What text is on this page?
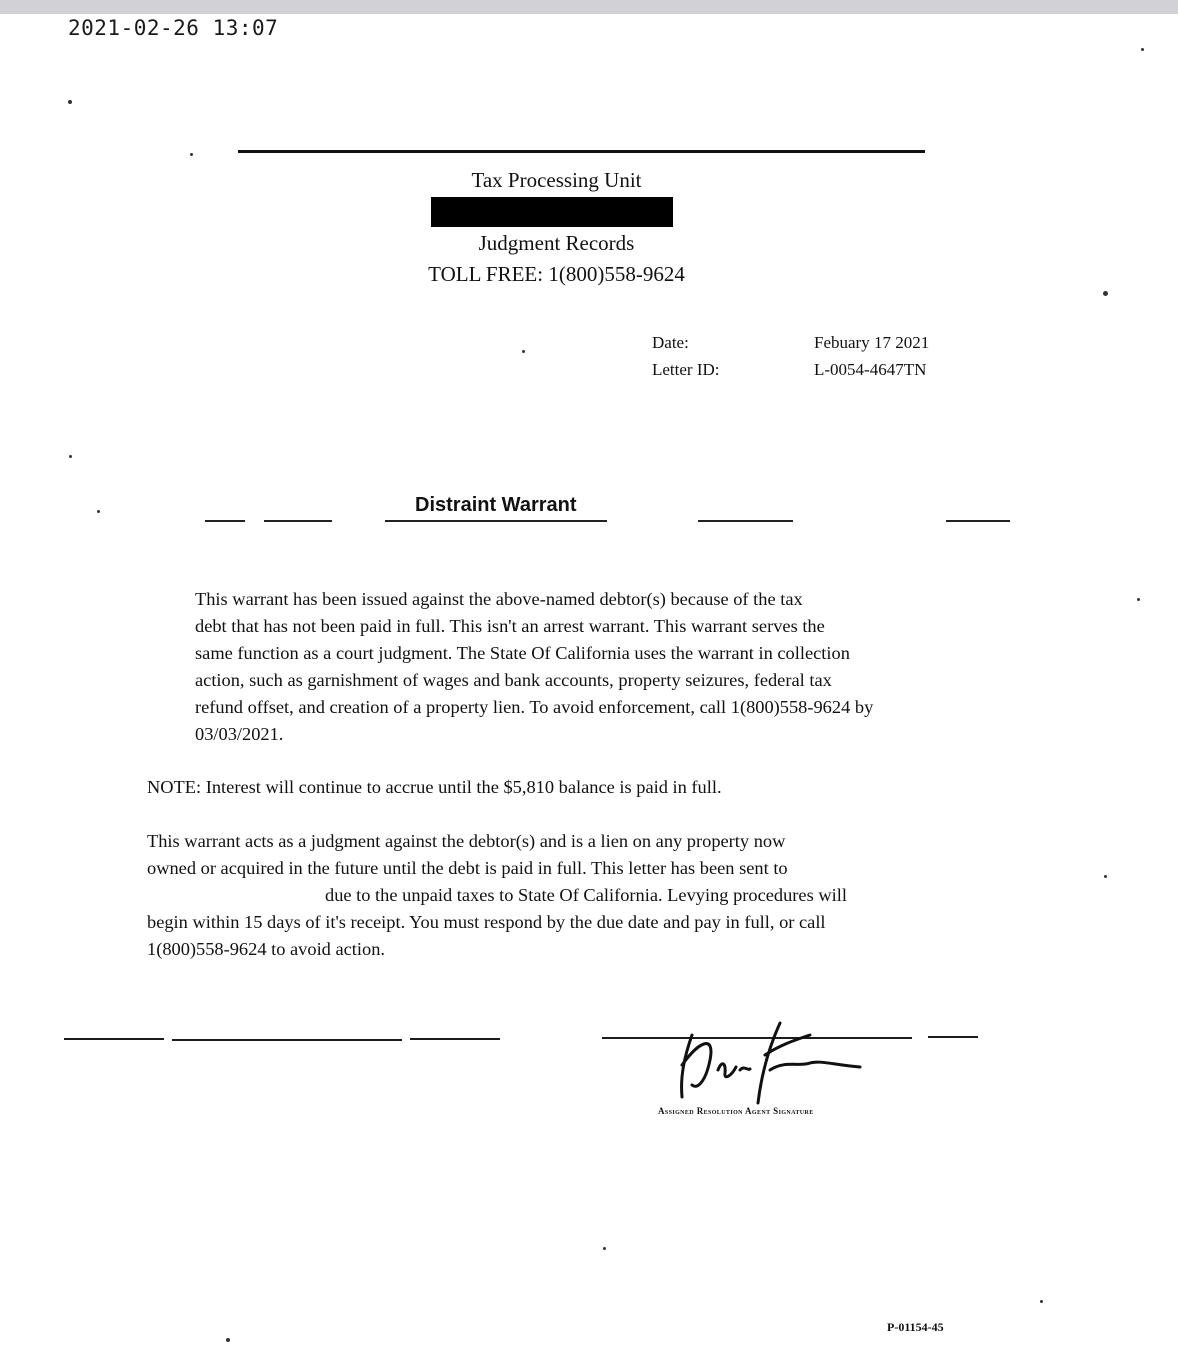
2021-02-26 13:07
Tax Processing Unit
Judgment Records
TOLL FREE: 1(800)558-9624
Date:	Febuary 17 2021
Letter ID:	L-0054-4647TN
Distraint Warrant
This warrant has been issued against the above-named debtor(s) because of the tax
debt that has not been paid in full. This isn't an arrest warrant. This warrant serves the
same function as a court judgment. The State Of California uses the warrant in collection
action, such as garnishment of wages and bank accounts, property seizures, federal tax
refund offset, and creation of a property lien. To avoid enforcement, call 1(800)558-9624 by
03/03/2021.
NOTE: Interest will continue to accrue until the $5,810 balance is paid in full.
This warrant acts as a judgment against the debtor(s) and is a lien on any property now
owned or acquired in the future until the debt is paid in full. This letter has been sent to
due to the unpaid taxes to State Of California. Levying procedures will
begin within 15 days of it's receipt. You must respond by the due date and pay in full, or call
1(800)558-9624 to avoid action.
Assigned Resolution Agent Signature
P-01154-45
